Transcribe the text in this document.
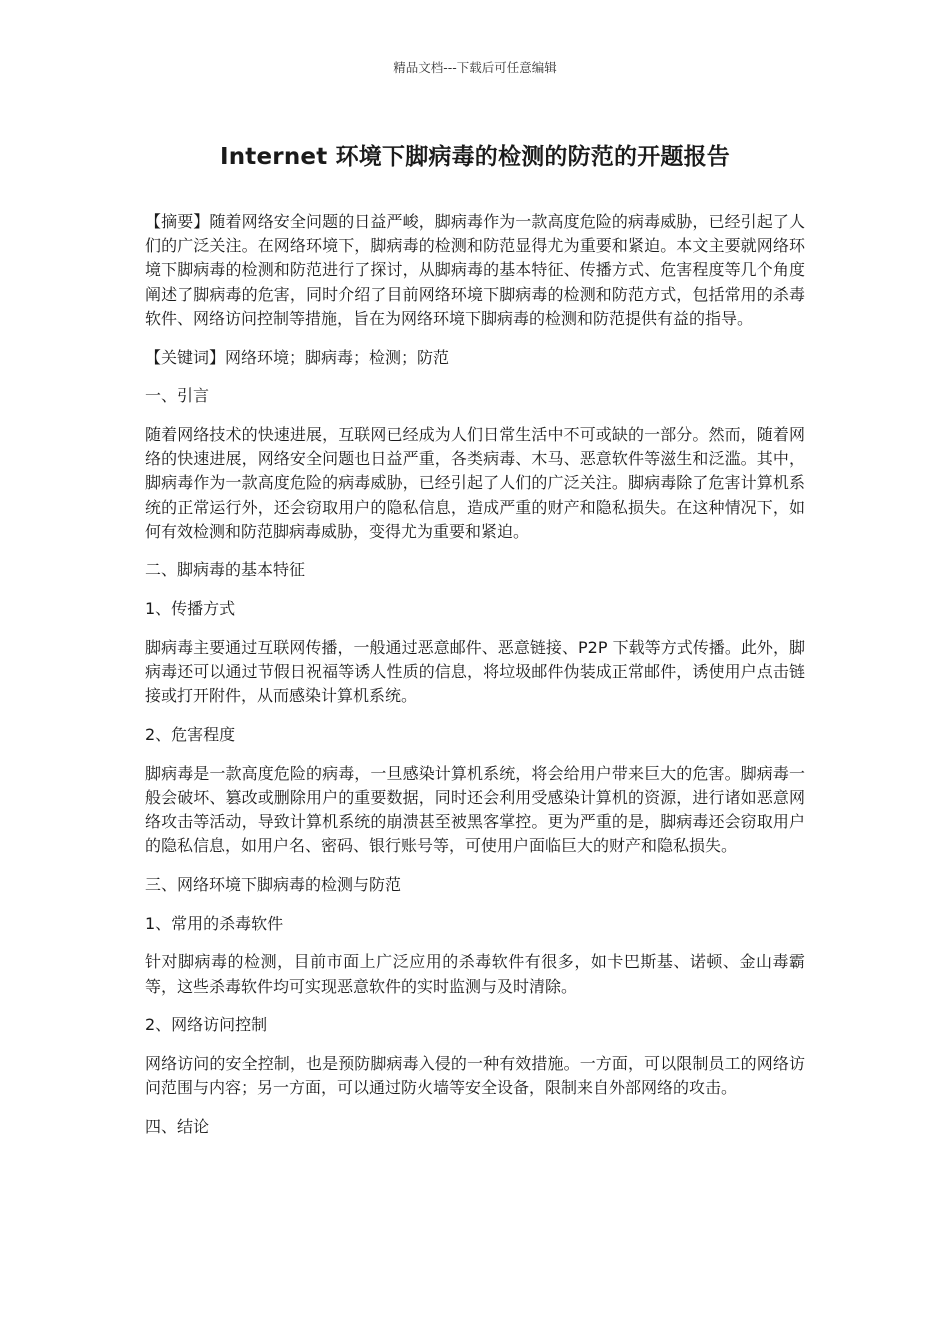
精品文档---下载后可任意编辑
Internet 环境下脚病毒的检测的防范的开题报告

【摘要】随着网络安全问题的日益严峻，脚病毒作为一款高度危险的病毒威胁，已经引起了人们的广泛关注。在网络环境下，脚病毒的检测和防范显得尤为重要和紧迫。本文主要就网络环境下脚病毒的检测和防范进行了探讨，从脚病毒的基本特征、传播方式、危害程度等几个角度阐述了脚病毒的危害，同时介绍了目前网络环境下脚病毒的检测和防范方式，包括常用的杀毒软件、网络访问控制等措施，旨在为网络环境下脚病毒的检测和防范提供有益的指导。

【关键词】网络环境；脚病毒；检测；防范

一、引言

随着网络技术的快速进展，互联网已经成为人们日常生活中不可或缺的一部分。然而，随着网络的快速进展，网络安全问题也日益严重，各类病毒、木马、恶意软件等滋生和泛滥。其中，脚病毒作为一款高度危险的病毒威胁，已经引起了人们的广泛关注。脚病毒除了危害计算机系统的正常运行外，还会窃取用户的隐私信息，造成严重的财产和隐私损失。在这种情况下，如何有效检测和防范脚病毒威胁，变得尤为重要和紧迫。

二、脚病毒的基本特征

1、传播方式

脚病毒主要通过互联网传播，一般通过恶意邮件、恶意链接、P2P 下载等方式传播。此外，脚病毒还可以通过节假日祝福等诱人性质的信息，将垃圾邮件伪装成正常邮件，诱使用户点击链接或打开附件，从而感染计算机系统。

2、危害程度

脚病毒是一款高度危险的病毒，一旦感染计算机系统，将会给用户带来巨大的危害。脚病毒一般会破坏、篡改或删除用户的重要数据，同时还会利用受感染计算机的资源，进行诸如恶意网络攻击等活动，导致计算机系统的崩溃甚至被黑客掌控。更为严重的是，脚病毒还会窃取用户的隐私信息，如用户名、密码、银行账号等，可使用户面临巨大的财产和隐私损失。

三、网络环境下脚病毒的检测与防范

1、常用的杀毒软件

针对脚病毒的检测，目前市面上广泛应用的杀毒软件有很多，如卡巴斯基、诺顿、金山毒霸等，这些杀毒软件均可实现恶意软件的实时监测与及时清除。

2、网络访问控制

网络访问的安全控制，也是预防脚病毒入侵的一种有效措施。一方面，可以限制员工的网络访问范围与内容；另一方面，可以通过防火墙等安全设备，限制来自外部网络的攻击。

四、结论
